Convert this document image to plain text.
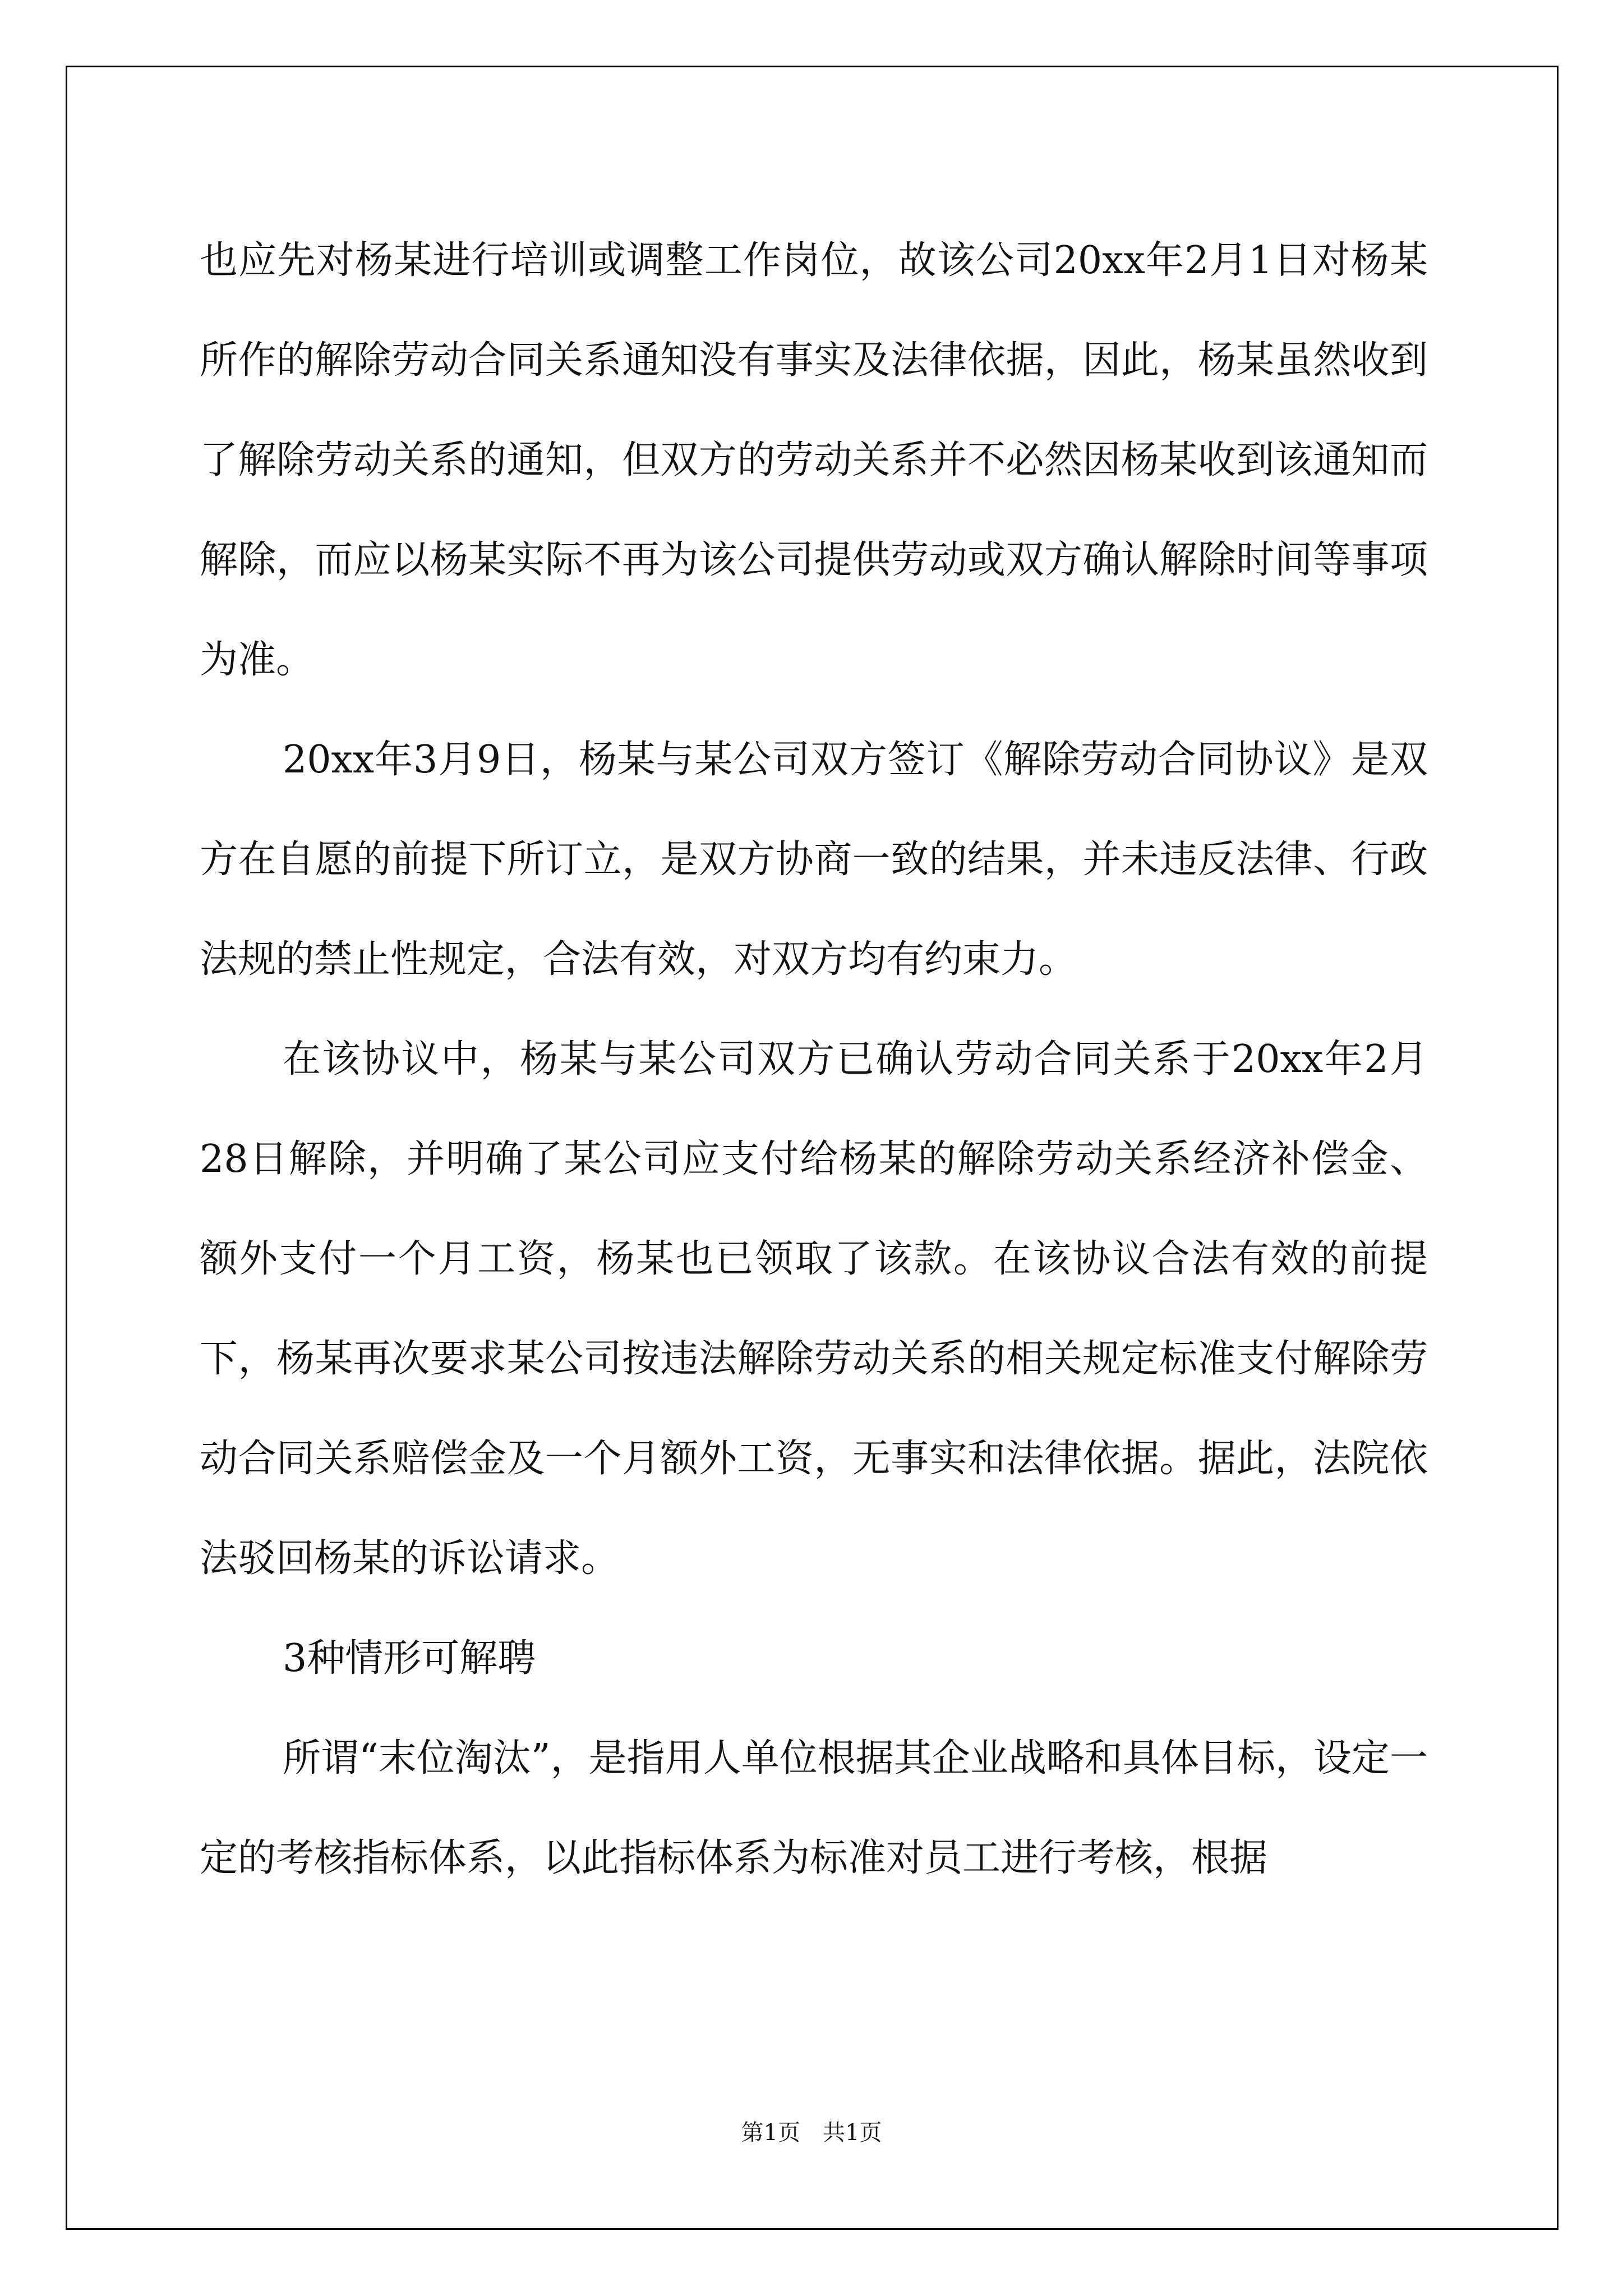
也应先对杨某进行培训或调整工作岗位，故该公司20xx年2月1日对杨某所作的解除劳动合同关系通知没有事实及法律依据，因此，杨某虽然收到了解除劳动关系的通知，但双方的劳动关系并不必然因杨某收到该通知而解除，而应以杨某实际不再为该公司提供劳动或双方确认解除时间等事项为准。

20xx年3月9日，杨某与某公司双方签订《解除劳动合同协议》是双方在自愿的前提下所订立，是双方协商一致的结果，并未违反法律、行政法规的禁止性规定，合法有效，对双方均有约束力。

在该协议中，杨某与某公司双方已确认劳动合同关系于20xx年2月28日解除，并明确了某公司应支付给杨某的解除劳动关系经济补偿金、额外支付一个月工资，杨某也已领取了该款。在该协议合法有效的前提下，杨某再次要求某公司按违法解除劳动关系的相关规定标准支付解除劳动合同关系赔偿金及一个月额外工资，无事实和法律依据。据此，法院依法驳回杨某的诉讼请求。

3种情形可解聘

所谓“末位淘汰”，是指用人单位根据其企业战略和具体目标，设定一定的考核指标体系，以此指标体系为标准对员工进行考核，根据

第1页　共1页
